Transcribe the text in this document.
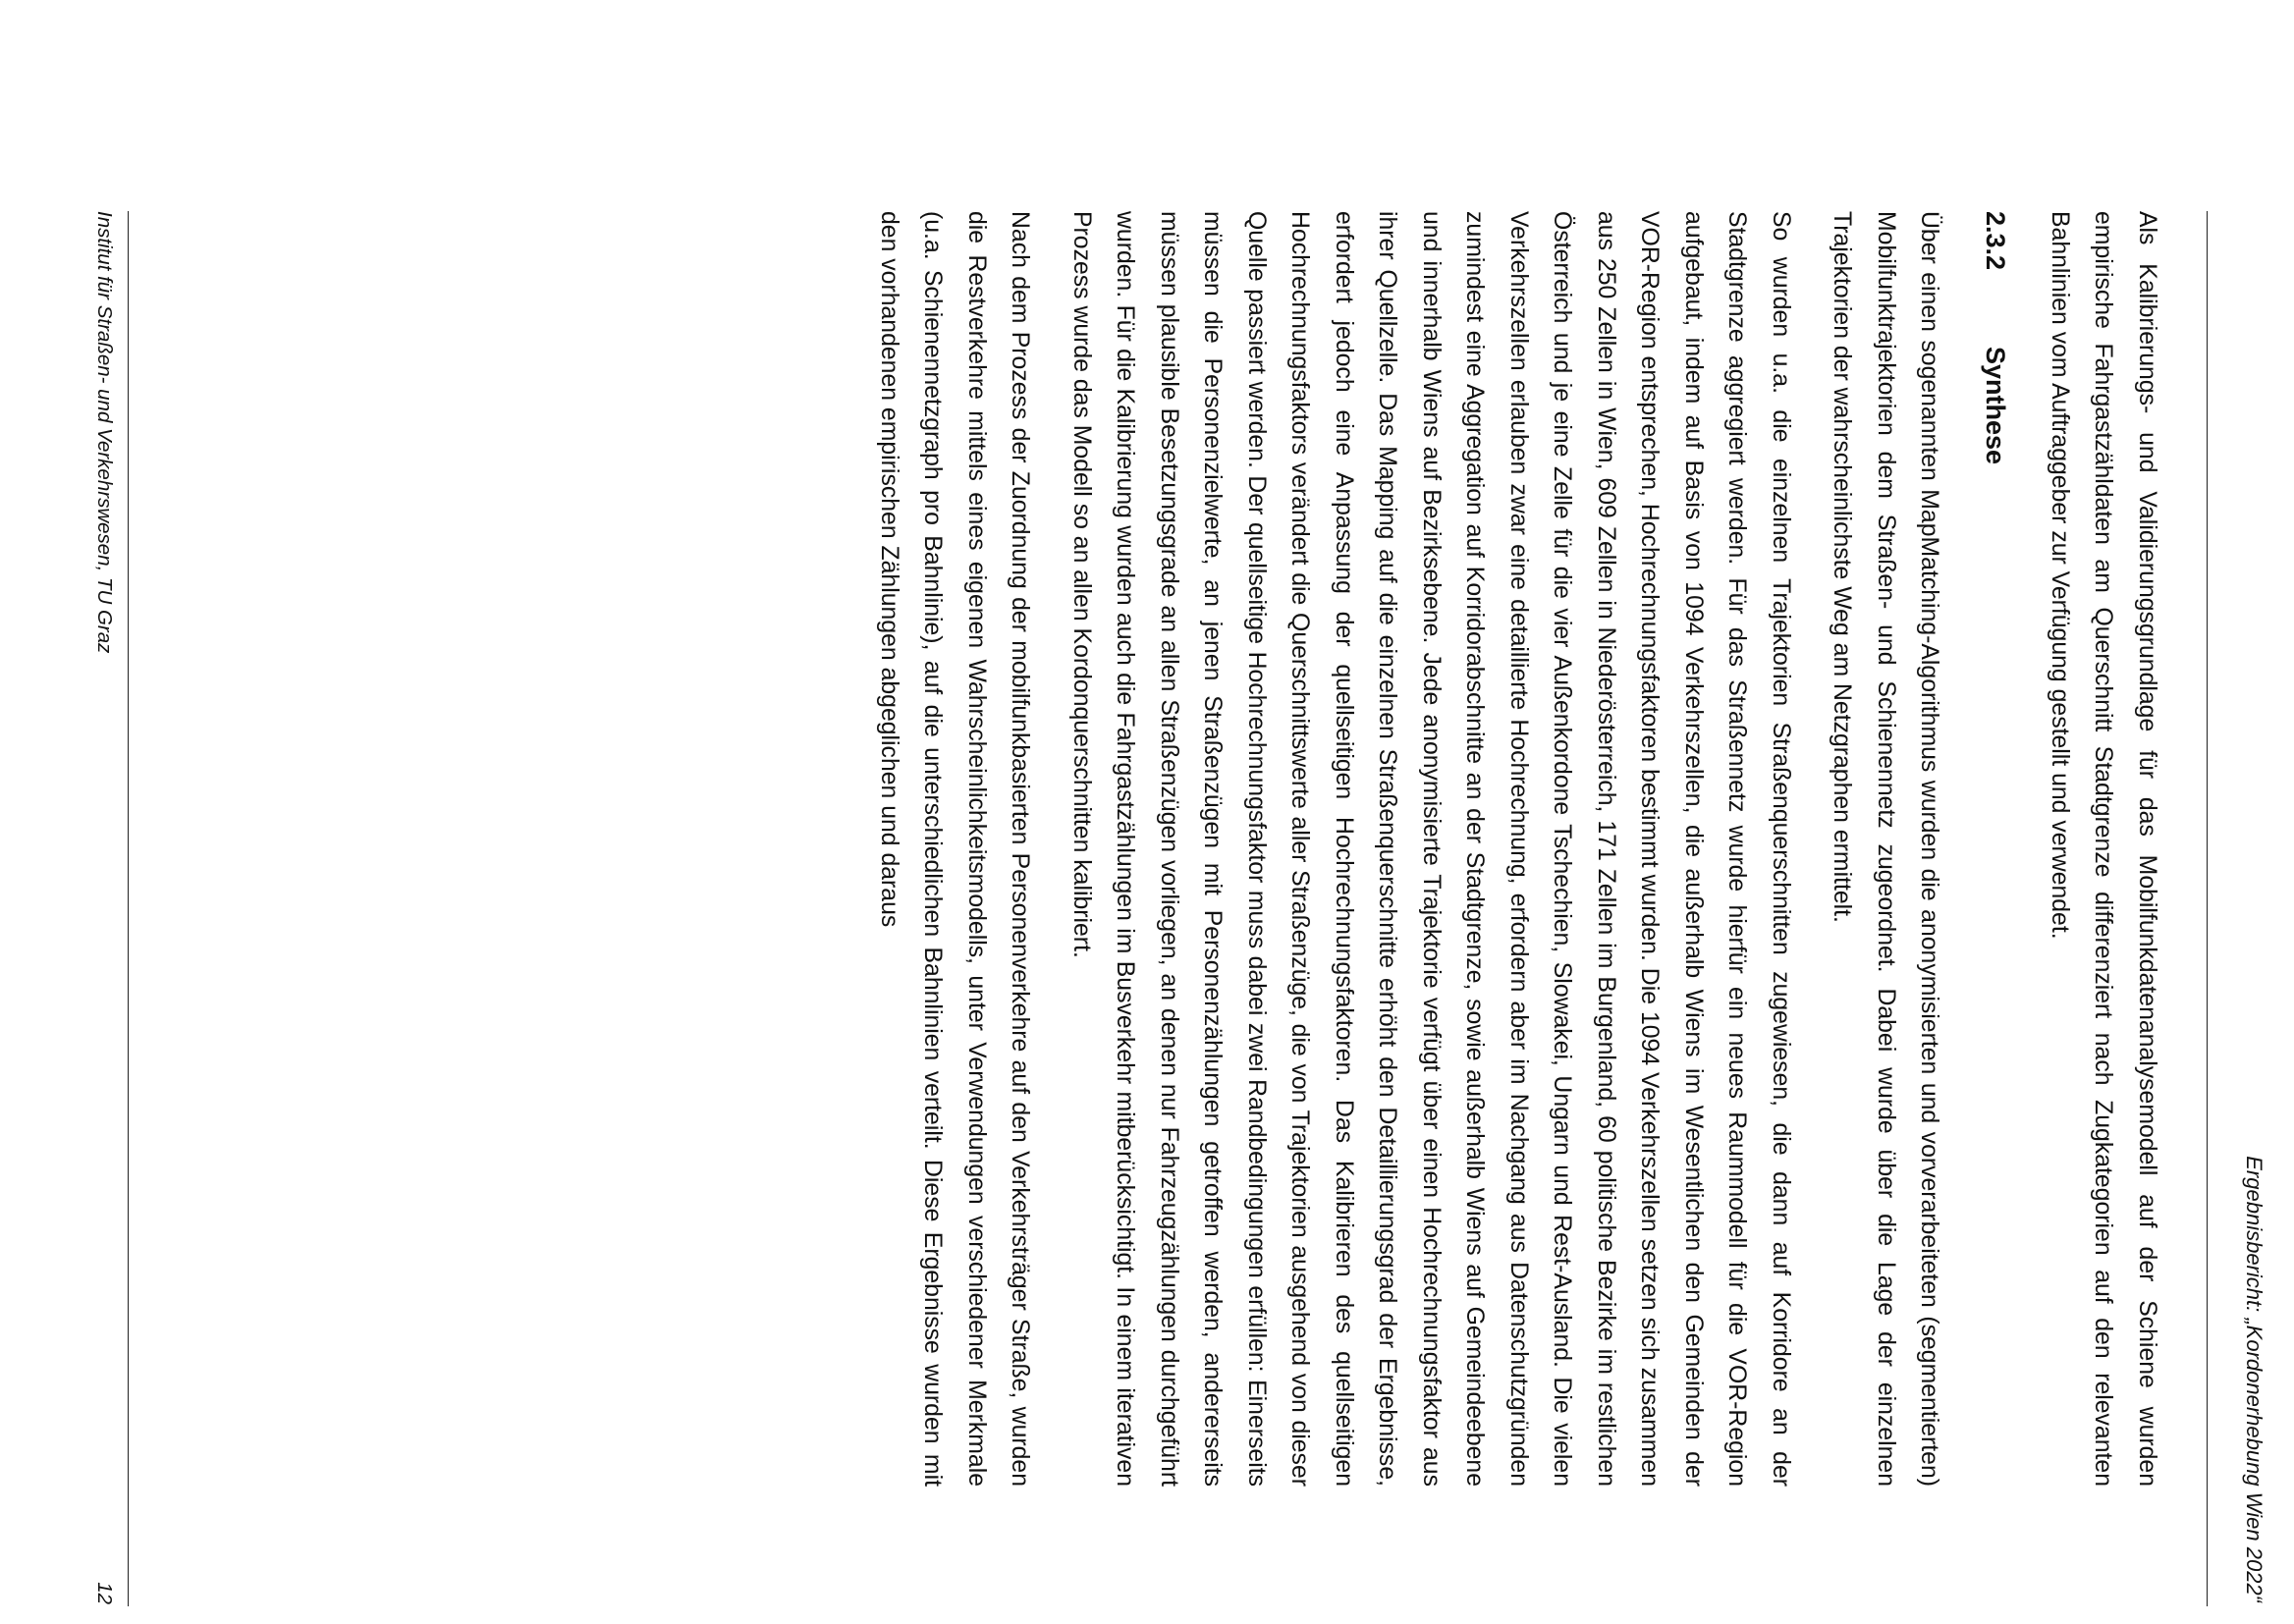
Ergebnisbericht: „Kordonerhebung Wien 2022“

Als Kalibrierungs- und Validierungsgrundlage für das Mobilfunkdatenanalysemodell auf der Schiene wurden empirische Fahrgastzähldaten am Querschnitt Stadtgrenze differenziert nach Zugkategorien auf den relevanten Bahnlinien vom Auftraggeber zur Verfügung gestellt und verwendet.

2.3.2Synthese

Über einen sogenannten MapMatching-Algorithmus wurden die anonymisierten und vorverarbeiteten (segmentierten) Mobilfunktrajektorien dem Straßen- und Schienennetz zugeordnet. Dabei wurde über die Lage der einzelnen Trajektorien der wahrscheinlichste Weg am Netzgraphen ermittelt.

So wurden u.a. die einzelnen Trajektorien Straßenquerschnitten zugewiesen, die dann auf Korridore an der Stadtgrenze aggregiert werden. Für das Straßennetz wurde hierfür ein neues Raummodell für die VOR-Region aufgebaut, indem auf Basis von 1094 Verkehrszellen, die außerhalb Wiens im Wesentlichen den Gemeinden der VOR-Region entsprechen, Hochrechnungsfaktoren bestimmt wurden. Die 1094 Verkehrszellen setzen sich zusammen aus 250 Zellen in Wien, 609 Zellen in Niederösterreich, 171 Zellen im Burgenland, 60 politische Bezirke im restlichen Österreich und je eine Zelle für die vier Außenkordone Tschechien, Slowakei, Ungarn und Rest-Ausland. Die vielen Verkehrszellen erlauben zwar eine detaillierte Hochrechnung, erfordern aber im Nachgang aus Datenschutzgründen zumindest eine Aggregation auf Korridorabschnitte an der Stadtgrenze, sowie außerhalb Wiens auf Gemeindeebene und innerhalb Wiens auf Bezirksebene. Jede anonymisierte Trajektorie verfügt über einen Hochrechnungsfaktor aus ihrer Quellzelle. Das Mapping auf die einzelnen Straßenquerschnitte erhöht den Detaillierungsgrad der Ergebnisse, erfordert jedoch eine Anpassung der quellseitigen Hochrechnungsfaktoren. Das Kalibrieren des quellseitigen Hochrechnungsfaktors verändert die Querschnittswerte aller Straßenzüge, die von Trajektorien ausgehend von dieser Quelle passiert werden. Der quellseitige Hochrechnungsfaktor muss dabei zwei Randbedingungen erfüllen: Einerseits müssen die Personenzielwerte, an jenen Straßenzügen mit Personenzählungen getroffen werden, andererseits müssen plausible Besetzungsgrade an allen Straßenzügen vorliegen, an denen nur Fahrzeugzählungen durchgeführt wurden. Für die Kalibrierung wurden auch die Fahrgastzählungen im Busverkehr mitberücksichtigt. In einem iterativen Prozess wurde das Modell so an allen Kordonquerschnitten kalibriert.

Nach dem Prozess der Zuordnung der mobilfunkbasierten Personenverkehre auf den Verkehrsträger Straße, wurden die Restverkehre mittels eines eigenen Wahrscheinlichkeitsmodells, unter Verwendungen verschiedener Merkmale (u.a. Schienennetzgraph pro Bahnlinie), auf die unterschiedlichen Bahnlinien verteilt. Diese Ergebnisse wurden mit den vorhandenen empirischen Zählungen abgeglichen und daraus

Institut für Straßen- und Verkehrswesen, TU Graz
12
